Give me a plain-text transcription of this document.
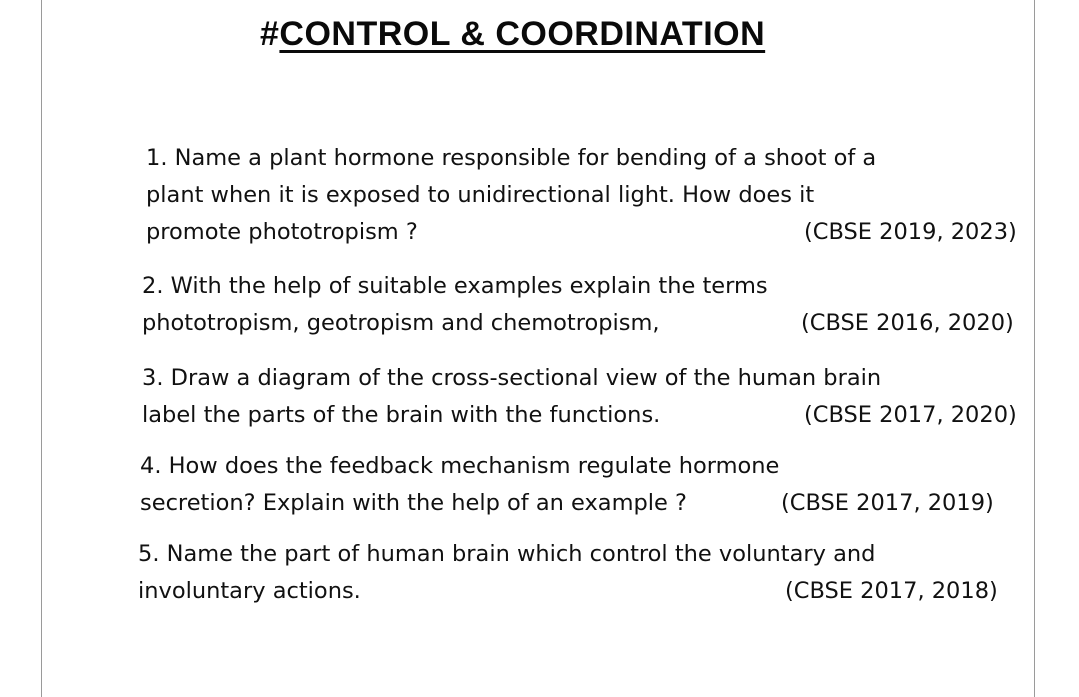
#CONTROL & COORDINATION
1. Name a plant hormone responsible for bending of a shoot of a
plant when it is exposed to unidirectional light. How does it
promote phototropism ?	(CBSE 2019, 2023)
2. With the help of suitable examples explain the terms
phototropism, geotropism and chemotropism,	(CBSE 2016, 2020)
3. Draw a diagram of the cross-sectional view of the human brain
label the parts of the brain with the functions.	(CBSE 2017, 2020)
4. How does the feedback mechanism regulate hormone
secretion? Explain with the help of an example ?	(CBSE 2017, 2019)
5. Name the part of human brain which control the voluntary and
involuntary actions.	(CBSE 2017, 2018)
